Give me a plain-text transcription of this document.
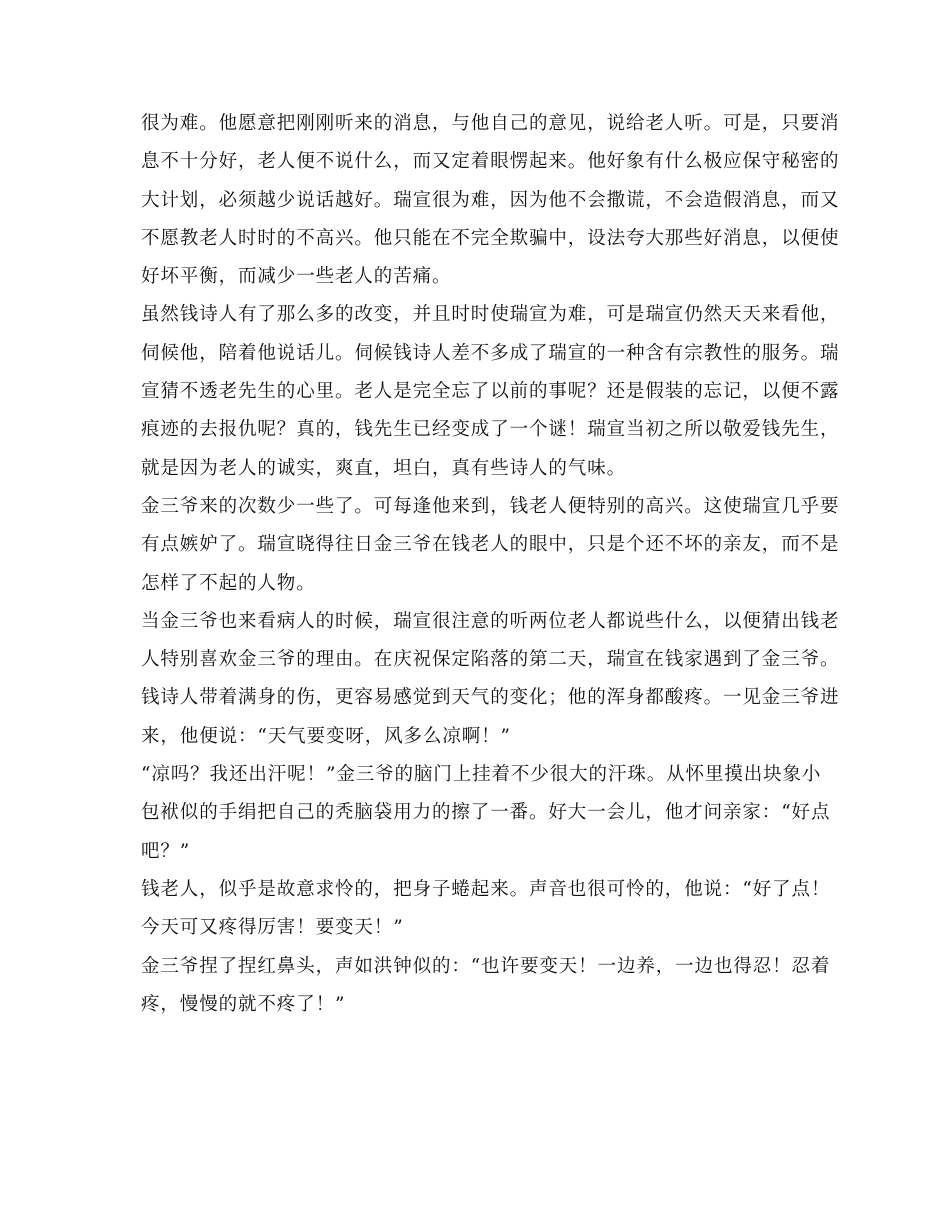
很为难。他愿意把刚刚听来的消息，与他自己的意见，说给老人听。可是，只要消
息不十分好，老人便不说什么，而又定着眼愣起来。他好象有什么极应保守秘密的
大计划，必须越少说话越好。瑞宣很为难，因为他不会撒谎，不会造假消息，而又
不愿教老人时时的不高兴。他只能在不完全欺骗中，设法夸大那些好消息，以便使
好坏平衡，而减少一些老人的苦痛。
虽然钱诗人有了那么多的改变，并且时时使瑞宣为难，可是瑞宣仍然天天来看他，
伺候他，陪着他说话儿。伺候钱诗人差不多成了瑞宣的一种含有宗教性的服务。瑞
宣猜不透老先生的心里。老人是完全忘了以前的事呢？还是假装的忘记，以便不露
痕迹的去报仇呢？真的，钱先生已经变成了一个谜！瑞宣当初之所以敬爱钱先生，
就是因为老人的诚实，爽直，坦白，真有些诗人的气味。
金三爷来的次数少一些了。可每逢他来到，钱老人便特别的高兴。这使瑞宣几乎要
有点嫉妒了。瑞宣晓得往日金三爷在钱老人的眼中，只是个还不坏的亲友，而不是
怎样了不起的人物。
当金三爷也来看病人的时候，瑞宣很注意的听两位老人都说些什么，以便猜出钱老
人特别喜欢金三爷的理由。在庆祝保定陷落的第二天，瑞宣在钱家遇到了金三爷。
钱诗人带着满身的伤，更容易感觉到天气的变化；他的浑身都酸疼。一见金三爷进
来，他便说：“天气要变呀，风多么凉啊！”
“凉吗？我还出汗呢！”金三爷的脑门上挂着不少很大的汗珠。从怀里摸出块象小
包袱似的手绢把自己的秃脑袋用力的擦了一番。好大一会儿，他才问亲家：“好点
吧？”
钱老人，似乎是故意求怜的，把身子蜷起来。声音也很可怜的，他说：“好了点！
今天可又疼得厉害！要变天！”
金三爷捏了捏红鼻头，声如洪钟似的：“也许要变天！一边养，一边也得忍！忍着
疼，慢慢的就不疼了！”
